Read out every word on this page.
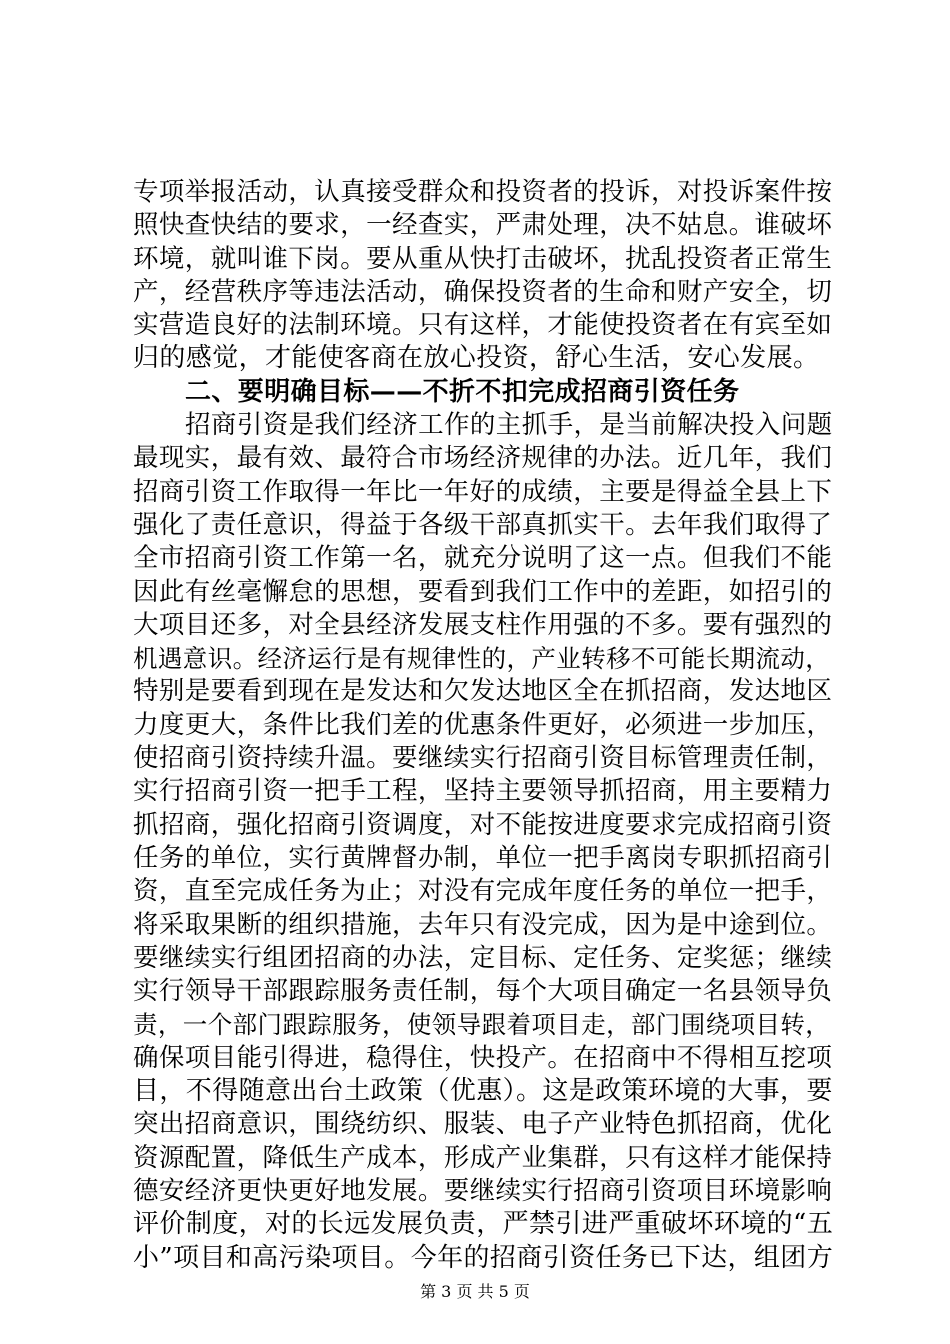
专项举报活动，认真接受群众和投资者的投诉，对投诉案件按
照快查快结的要求，一经查实，严肃处理，决不姑息。谁破坏
环境，就叫谁下岗。要从重从快打击破坏，扰乱投资者正常生
产，经营秩序等违法活动，确保投资者的生命和财产安全，切
实营造良好的法制环境。只有这样，才能使投资者在有宾至如
归的感觉，才能使客商在放心投资，舒心生活，安心发展。
二、要明确目标——不折不扣完成招商引资任务
招商引资是我们经济工作的主抓手，是当前解决投入问题
最现实，最有效、最符合市场经济规律的办法。近几年，我们
招商引资工作取得一年比一年好的成绩，主要是得益全县上下
强化了责任意识，得益于各级干部真抓实干。去年我们取得了
全市招商引资工作第一名，就充分说明了这一点。但我们不能
因此有丝毫懈怠的思想，要看到我们工作中的差距，如招引的
大项目还多，对全县经济发展支柱作用强的不多。要有强烈的
机遇意识。经济运行是有规律性的，产业转移不可能长期流动，
特别是要看到现在是发达和欠发达地区全在抓招商，发达地区
力度更大，条件比我们差的优惠条件更好，必须进一步加压，
使招商引资持续升温。要继续实行招商引资目标管理责任制，
实行招商引资一把手工程，坚持主要领导抓招商，用主要精力
抓招商，强化招商引资调度，对不能按进度要求完成招商引资
任务的单位，实行黄牌督办制，单位一把手离岗专职抓招商引
资，直至完成任务为止；对没有完成年度任务的单位一把手，
将采取果断的组织措施，去年只有没完成，因为是中途到位。
要继续实行组团招商的办法，定目标、定任务、定奖惩；继续
实行领导干部跟踪服务责任制，每个大项目确定一名县领导负
责，一个部门跟踪服务，使领导跟着项目走，部门围绕项目转，
确保项目能引得进，稳得住，快投产。在招商中不得相互挖项
目，不得随意出台土政策（优惠）。这是政策环境的大事，要
突出招商意识，围绕纺织、服装、电子产业特色抓招商，优化
资源配置，降低生产成本，形成产业集群，只有这样才能保持
德安经济更快更好地发展。要继续实行招商引资项目环境影响
评价制度，对的长远发展负责，严禁引进严重破坏环境的“五
小”项目和高污染项目。今年的招商引资任务已下达，组团方
第 3 页 共 5 页
